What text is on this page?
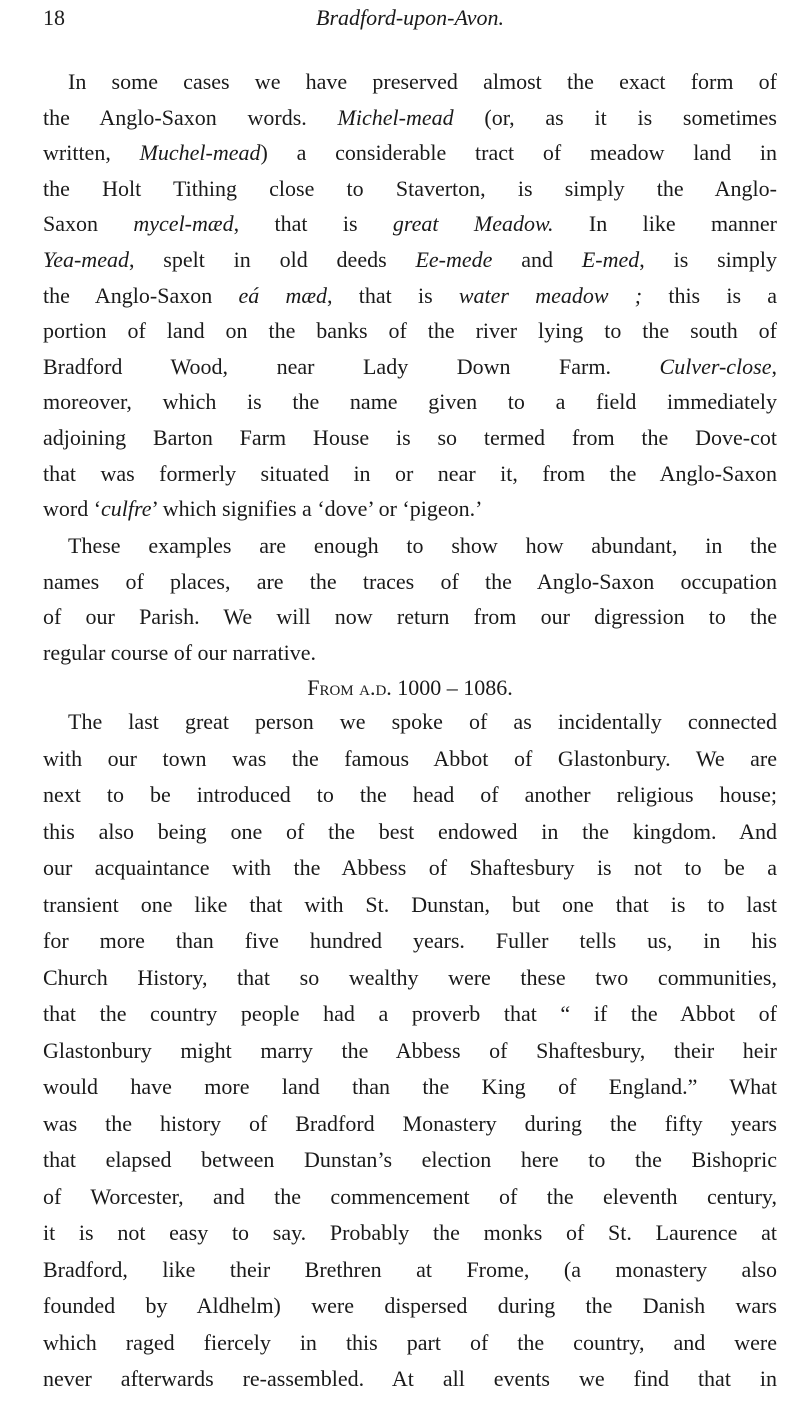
18	Bradford-upon-Avon.
In some cases we have preserved almost the exact form of
the Anglo-Saxon words. Michel-mead (or, as it is sometimes
written, Muchel-mead) a considerable tract of meadow land in
the Holt Tithing close to Staverton, is simply the Anglo-
Saxon mycel-mæd, that is great Meadow. In like manner
Yea-mead, spelt in old deeds Ee-mede and E-med, is simply
the Anglo-Saxon eá mæd, that is water meadow ; this is a
portion of land on the banks of the river lying to the south of
Bradford Wood, near Lady Down Farm. Culver-close,
moreover, which is the name given to a field immediately
adjoining Barton Farm House is so termed from the Dove-cot
that was formerly situated in or near it, from the Anglo-Saxon
word ‘culfre’ which signifies a ‘dove’ or ‘pigeon.’
These examples are enough to show how abundant, in the
names of places, are the traces of the Anglo-Saxon occupation
of our Parish. We will now return from our digression to the
regular course of our narrative.
From a.d. 1000 – 1086.
The last great person we spoke of as incidentally connected
with our town was the famous Abbot of Glastonbury. We are
next to be introduced to the head of another religious house;
this also being one of the best endowed in the kingdom. And
our acquaintance with the Abbess of Shaftesbury is not to be a
transient one like that with St. Dunstan, but one that is to last
for more than five hundred years. Fuller tells us, in his
Church History, that so wealthy were these two communities,
that the country people had a proverb that “ if the Abbot of
Glastonbury might marry the Abbess of Shaftesbury, their heir
would have more land than the King of England.” What
was the history of Bradford Monastery during the fifty years
that elapsed between Dunstan’s election here to the Bishopric
of Worcester, and the commencement of the eleventh century,
it is not easy to say. Probably the monks of St. Laurence at
Bradford, like their Brethren at Frome, (a monastery also
founded by Aldhelm) were dispersed during the Danish wars
which raged fiercely in this part of the country, and were
never afterwards re-assembled. At all events we find that in
